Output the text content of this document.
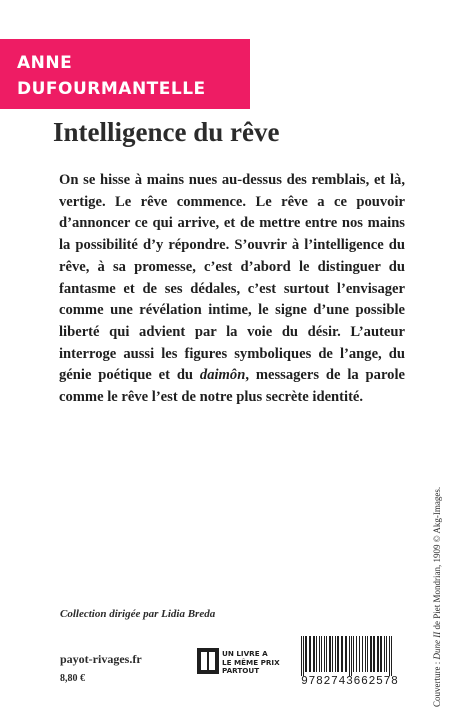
ANNE
DUFOURMANTELLE
Intelligence du rêve
On se hisse à mains nues au-dessus des remblais, et là, vertige. Le rêve commence. Le rêve a ce pouvoir d’annoncer ce qui arrive, et de mettre entre nos mains la possibilité d’y répondre. S’ouvrir à l’intelligence du rêve, à sa promesse, c’est d’abord le distinguer du fantasme et de ses dédales, c’est surtout l’envisager comme une révélation intime, le signe d’une possible liberté qui advient par la voie du désir. L’auteur interroge aussi les figures symboliques de l’ange, du génie poétique et du daimôn, messagers de la parole comme le rêve l’est de notre plus secrète identité.
Couverture : Dune II de Piet Mondrian, 1909 © Akg-Images.
Collection dirigée par Lidia Breda
payot-rivages.fr
8,80 €
UN LIVRE A
LE MÊME PRIX
PARTOUT
9782743662578
